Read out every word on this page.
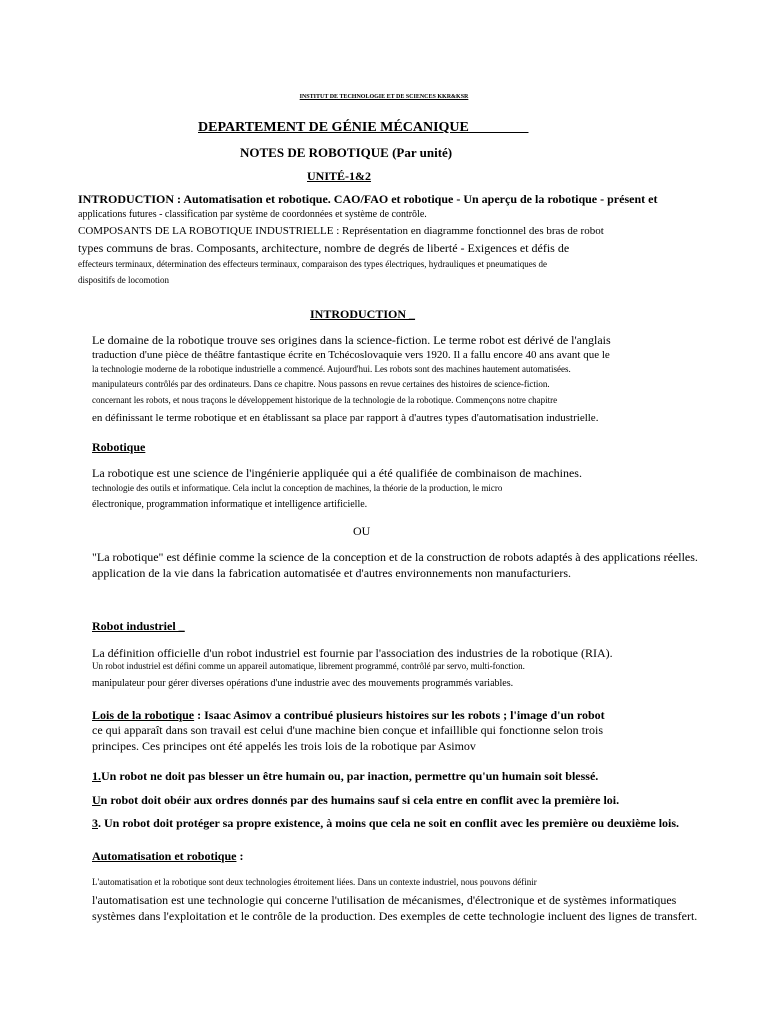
INSTITUT DE TECHNOLOGIE ET DE SCIENCES KKR&KSR
DEPARTEMENT DE GÉNIE MÉCANIQUE ________
NOTES DE ROBOTIQUE (Par unité)
UNITÉ-1&2
INTRODUCTION : Automatisation et robotique. CAO/FAO et robotique - Un aperçu de la robotique - présent et
applications futures - classification par système de coordonnées et système de contrôle.
COMPOSANTS DE LA ROBOTIQUE INDUSTRIELLE : Représentation en diagramme fonctionnel des bras de robot
types communs de bras. Composants, architecture, nombre de degrés de liberté - Exigences et défis de
effecteurs terminaux, détermination des effecteurs terminaux, comparaison des types électriques, hydrauliques et pneumatiques de
dispositifs de locomotion
INTRODUCTION _
Le domaine de la robotique trouve ses origines dans la science-fiction. Le terme robot est dérivé de l'anglais
traduction d'une pièce de théâtre fantastique écrite en Tchécoslovaquie vers 1920. Il a fallu encore 40 ans avant que le
la technologie moderne de la robotique industrielle a commencé. Aujourd'hui. Les robots sont des machines hautement automatisées.
manipulateurs contrôlés par des ordinateurs. Dans ce chapitre. Nous passons en revue certaines des histoires de science-fiction.
concernant les robots, et nous traçons le développement historique de la technologie de la robotique. Commençons notre chapitre
en définissant le terme robotique et en établissant sa place par rapport à d'autres types d'automatisation industrielle.
Robotique
La robotique est une science de l'ingénierie appliquée qui a été qualifiée de combinaison de machines.
technologie des outils et informatique. Cela inclut la conception de machines, la théorie de la production, le micro
électronique, programmation informatique et intelligence artificielle.
OU
"La robotique" est définie comme la science de la conception et de la construction de robots adaptés à des applications réelles.
application de la vie dans la fabrication automatisée et d'autres environnements non manufacturiers.
Robot industriel _
La définition officielle d'un robot industriel est fournie par l'association des industries de la robotique (RIA).
Un robot industriel est défini comme un appareil automatique, librement programmé, contrôlé par servo, multi-fonction.
manipulateur pour gérer diverses opérations d'une industrie avec des mouvements programmés variables.
Lois de la robotique : Isaac Asimov a contribué plusieurs histoires sur les robots ; l'image d'un robot
ce qui apparaît dans son travail est celui d'une machine bien conçue et infaillible qui fonctionne selon trois
principes. Ces principes ont été appelés les trois lois de la robotique par Asimov
1.Un robot ne doit pas blesser un être humain ou, par inaction, permettre qu'un humain soit blessé.
Un robot doit obéir aux ordres donnés par des humains sauf si cela entre en conflit avec la première loi.
3. Un robot doit protéger sa propre existence, à moins que cela ne soit en conflit avec les première ou deuxième lois.
Automatisation et robotique :
L'automatisation et la robotique sont deux technologies étroitement liées. Dans un contexte industriel, nous pouvons définir
l'automatisation est une technologie qui concerne l'utilisation de mécanismes, d'électronique et de systèmes informatiques
systèmes dans l'exploitation et le contrôle de la production. Des exemples de cette technologie incluent des lignes de transfert.
